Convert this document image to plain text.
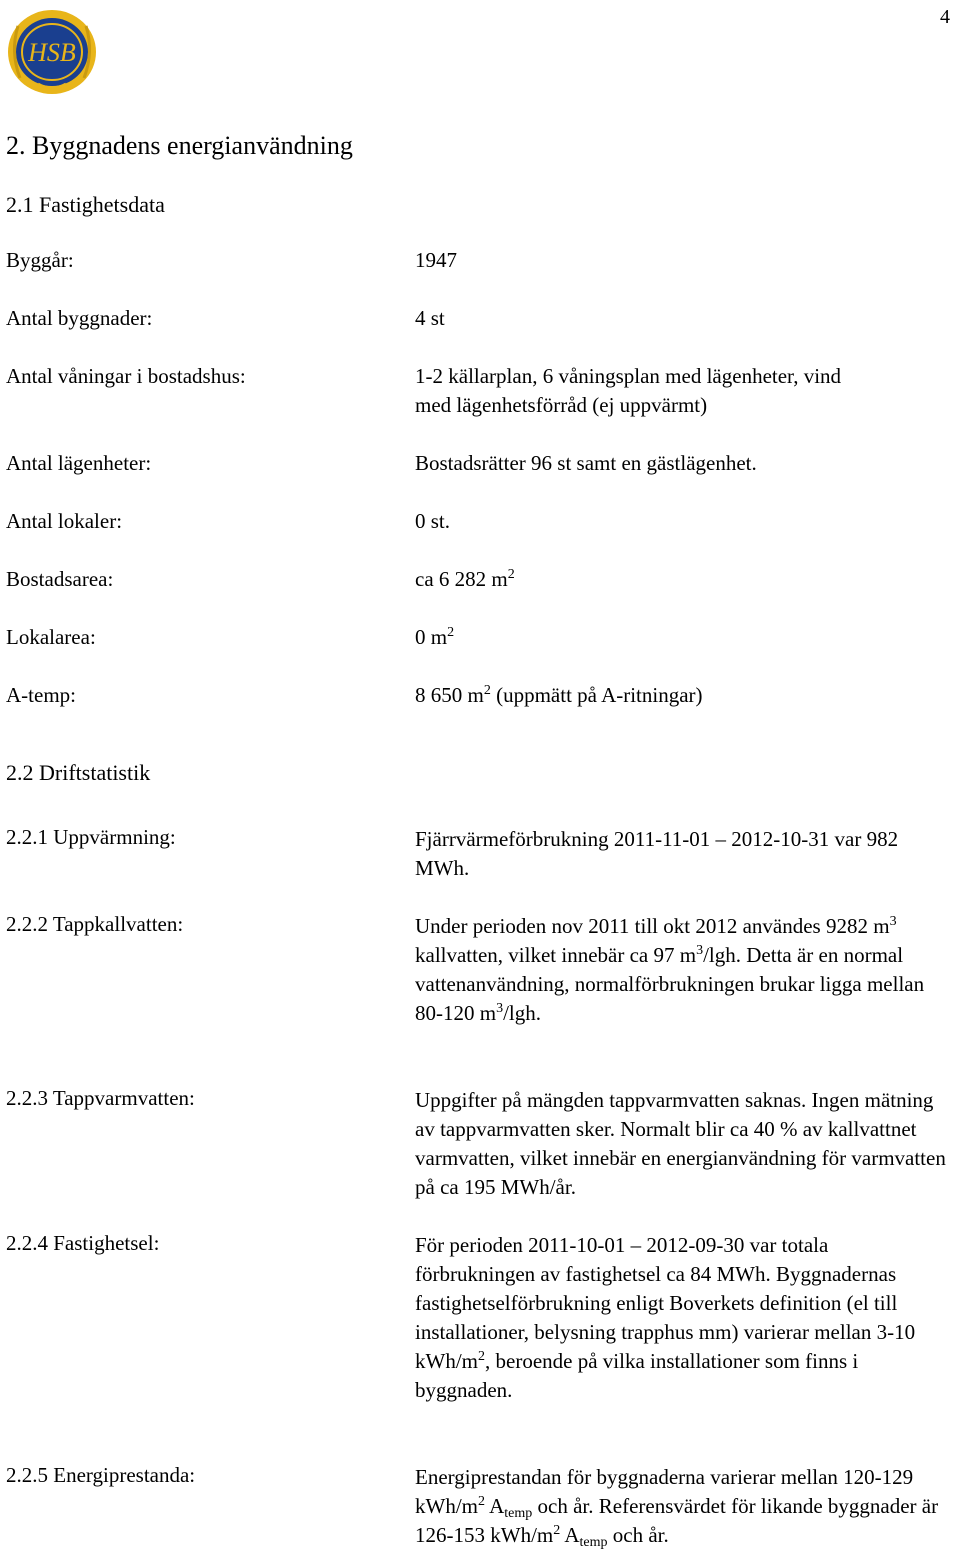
4
HSB
2. Byggnadens energianvändning
2.1 Fastighetsdata
Byggår:	1947
Antal byggnader:	4 st
Antal våningar i bostadshus:	1-2 källarplan, 6 våningsplan med lägenheter, vind
med lägenhetsförråd (ej uppvärmt)
Antal lägenheter:	Bostadsrätter 96 st samt en gästlägenhet.
Antal lokaler:	0 st.
Bostadsarea:	ca 6 282 $m^2$
Lokalarea:	0 $m^2$
A-temp:	8 650 $m^2$ (uppmätt på A-ritningar)
2.2 Driftstatistik
2.2.1 Uppvärmning:	Fjärrvärmeförbrukning 2011-11-01 – 2012-10-31 var 982 MWh.
2.2.2 Tappkallvatten:	Under perioden nov 2011 till okt 2012 användes 9282 $m^3$ kallvatten, vilket innebär ca 97 $m^3$/lgh. Detta är en normal vattenanvändning, normalförbrukningen brukar ligga mellan 80-120 $m^3$/lgh.
2.2.3 Tappvarmvatten:	Uppgifter på mängden tappvarmvatten saknas. Ingen mätning av tappvarmvatten sker. Normalt blir ca 40 % av kallvattnet varmvatten, vilket innebär en energianvändning för varmvatten på ca 195 MWh/år.
2.2.4 Fastighetsel:	För perioden 2011-10-01 – 2012-09-30 var totala förbrukningen av fastighetsel ca 84 MWh. Byggnadernas fastighetselförbrukning enligt Boverkets definition (el till installationer, belysning trapphus mm) varierar mellan 3-10 kWh/$m^2$, beroende på vilka installationer som finns i byggnaden.
2.2.5 Energiprestanda:	Energiprestandan för byggnaderna varierar mellan 120-129 kWh/$m^2$ $A_{temp}$ och år. Referensvärdet för likande byggnader är 126-153 kWh/$m^2$ $A_{temp}$ och år.
